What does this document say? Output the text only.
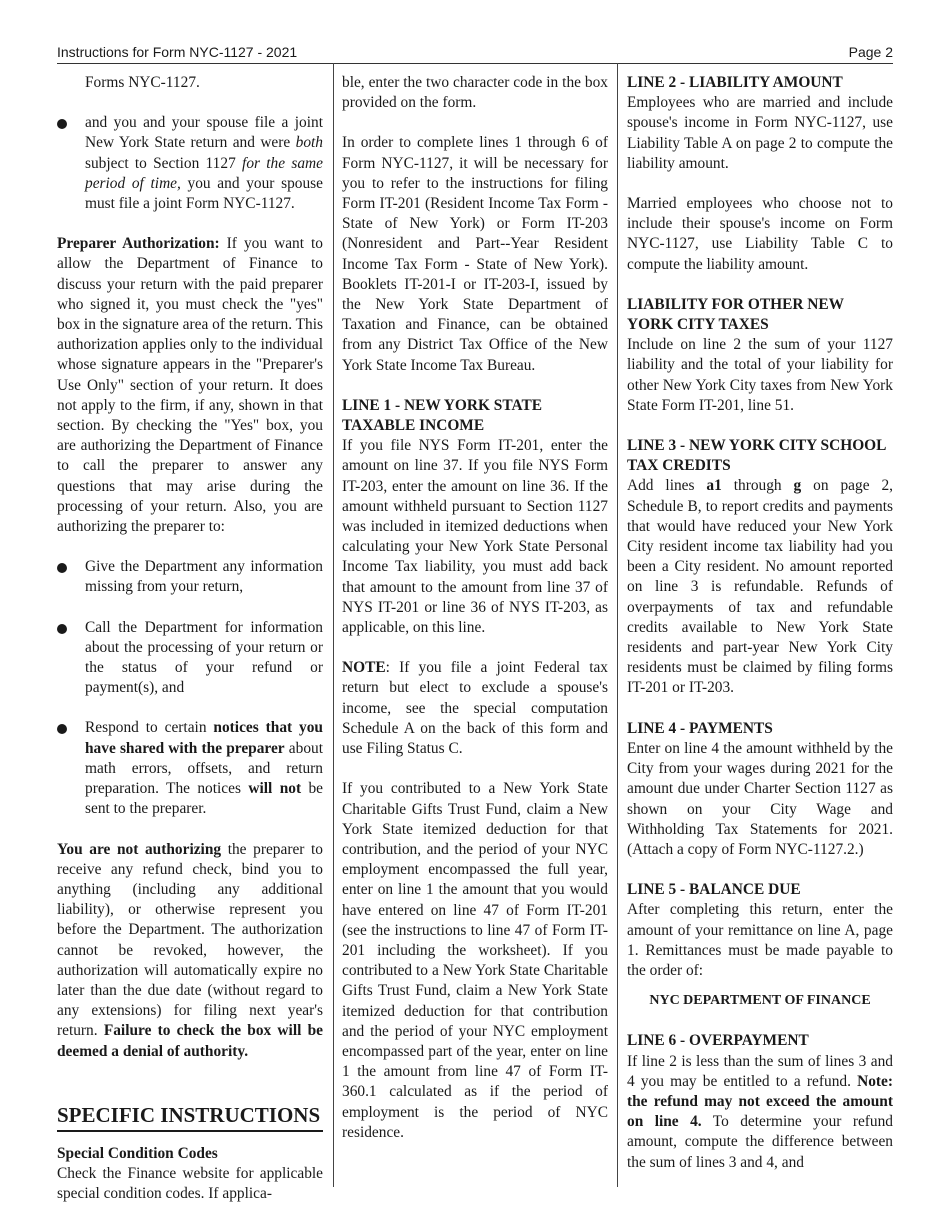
Instructions for Form NYC-1127 - 2021	Page 2

Forms NYC-1127.

and you and your spouse file a joint New York State return and were both subject to Section 1127 for the same period of time, you and your spouse must file a joint Form NYC-1127.

Preparer Authorization: If you want to allow the Department of Finance to discuss your return with the paid preparer who signed it, you must check the "yes" box in the signature area of the return. This authorization applies only to the individual whose signature appears in the "Preparer's Use Only" section of your return. It does not apply to the firm, if any, shown in that section. By checking the "Yes" box, you are authorizing the Department of Finance to call the preparer to answer any questions that may arise during the processing of your return. Also, you are authorizing the preparer to:

Give the Department any information missing from your return,

Call the Department for information about the processing of your return or the status of your refund or payment(s), and

Respond to certain notices that you have shared with the preparer about math errors, offsets, and return preparation. The notices will not be sent to the preparer.

You are not authorizing the preparer to receive any refund check, bind you to anything (including any additional liability), or otherwise represent you before the Department. The authorization cannot be revoked, however, the authorization will automatically expire no later than the due date (without regard to any extensions) for filing next year's return. Failure to check the box will be deemed a denial of authority.

SPECIFIC INSTRUCTIONS

Special Condition Codes

Check the Finance website for applicable special condition codes. If applica-

ble, enter the two character code in the box provided on the form.

In order to complete lines 1 through 6 of Form NYC-1127, it will be necessary for you to refer to the instructions for filing Form IT-201 (Resident Income Tax Form - State of New York) or Form IT-203 (Nonresident and Part--Year Resident Income Tax Form - State of New York). Booklets IT-201-I or IT-203-I, issued by the New York State Department of Taxation and Finance, can be obtained from any District Tax Office of the New York State Income Tax Bureau.

LINE 1 - NEW YORK STATE TAXABLE INCOME

If you file NYS Form IT-201, enter the amount on line 37. If you file NYS Form IT-203, enter the amount on line 36. If the amount withheld pursuant to Section 1127 was included in itemized deductions when calculating your New York State Personal Income Tax liability, you must add back that amount to the amount from line 37 of NYS IT-201 or line 36 of NYS IT-203, as applicable, on this line.

NOTE: If you file a joint Federal tax return but elect to exclude a spouse's income, see the special computation Schedule A on the back of this form and use Filing Status C.

If you contributed to a New York State Charitable Gifts Trust Fund, claim a New York State itemized deduction for that contribution, and the period of your NYC employment encompassed the full year, enter on line 1 the amount that you would have entered on line 47 of Form IT-201 (see the instructions to line 47 of Form IT-201 including the worksheet). If you contributed to a New York State Charitable Gifts Trust Fund, claim a New York State itemized deduction for that contribution and the period of your NYC employment encompassed part of the year, enter on line 1 the amount from line 47 of Form IT-360.1 calculated as if the period of employment is the period of NYC residence.

LINE 2 - LIABILITY AMOUNT

Employees who are married and include spouse's income in Form NYC-1127, use Liability Table A on page 2 to compute the liability amount.

Married employees who choose not to include their spouse's income on Form NYC-1127, use Liability Table C to compute the liability amount.

LIABILITY FOR OTHER NEW YORK CITY TAXES

Include on line 2 the sum of your 1127 liability and the total of your liability for other New York City taxes from New York State Form IT-201, line 51.

LINE 3 - NEW YORK CITY SCHOOL TAX CREDITS

Add lines a1 through g on page 2, Schedule B, to report credits and payments that would have reduced your New York City resident income tax liability had you been a City resident. No amount reported on line 3 is refundable. Refunds of overpayments of tax and refundable credits available to New York State residents and part-year New York City residents must be claimed by filing forms IT-201 or IT-203.

LINE 4 - PAYMENTS

Enter on line 4 the amount withheld by the City from your wages during 2021 for the amount due under Charter Section 1127 as shown on your City Wage and Withholding Tax Statements for 2021. (Attach a copy of Form NYC-1127.2.)

LINE 5 - BALANCE DUE

After completing this return, enter the amount of your remittance on line A, page 1. Remittances must be made payable to the order of:

NYC DEPARTMENT OF FINANCE

LINE 6 - OVERPAYMENT

If line 2 is less than the sum of lines 3 and 4 you may be entitled to a refund. Note: the refund may not exceed the amount on line 4. To determine your refund amount, compute the difference between the sum of lines 3 and 4, and
